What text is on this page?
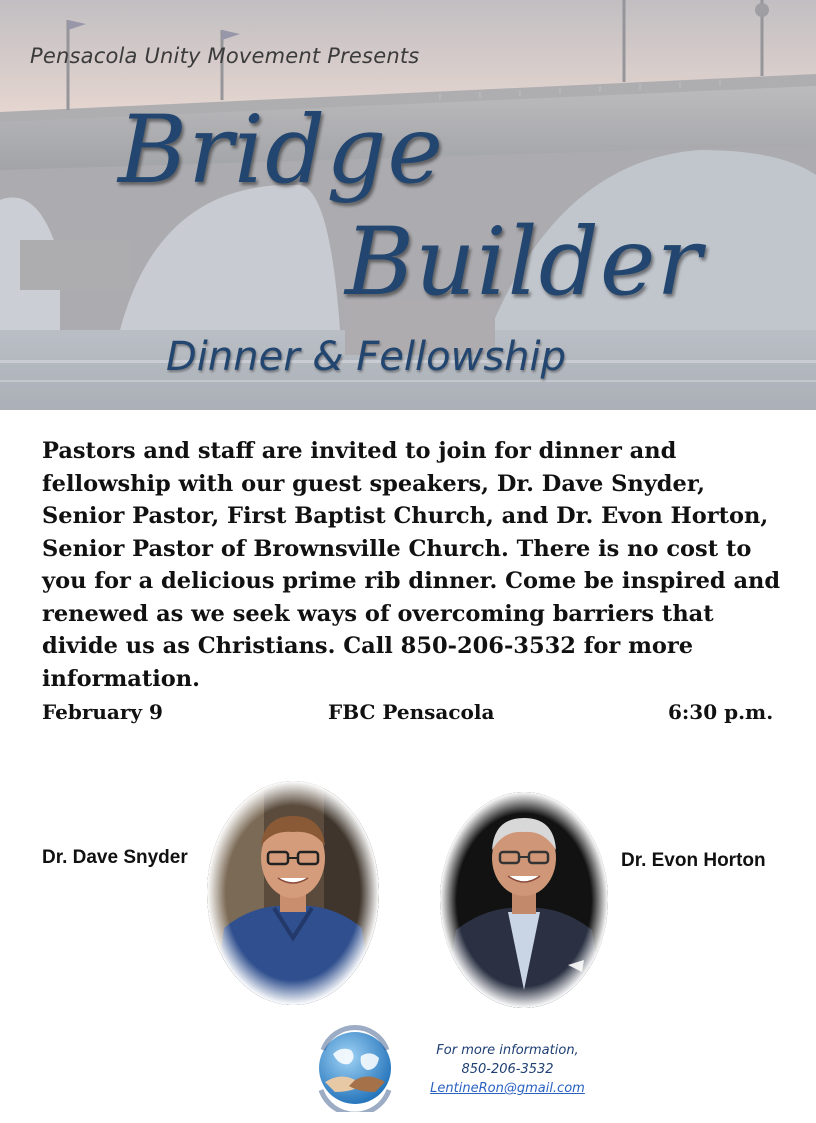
Pensacola Unity Movement Presents
Bridge
Builder
Dinner & Fellowship

Pastors and staff are invited to join for dinner and fellowship with our guest speakers, Dr. Dave Snyder, Senior Pastor, First Baptist Church, and Dr. Evon Horton, Senior Pastor of Brownsville Church. There is no cost to you for a delicious prime rib dinner. Come be inspired and renewed as we seek ways of overcoming barriers that divide us as Christians. Call 850-206-3532 for more information.

February 9	FBC Pensacola	6:30 p.m.
Dr. Dave Snyder	Dr. Evon Horton
For more information,
850-206-3532
LentineRon@gmail.com
